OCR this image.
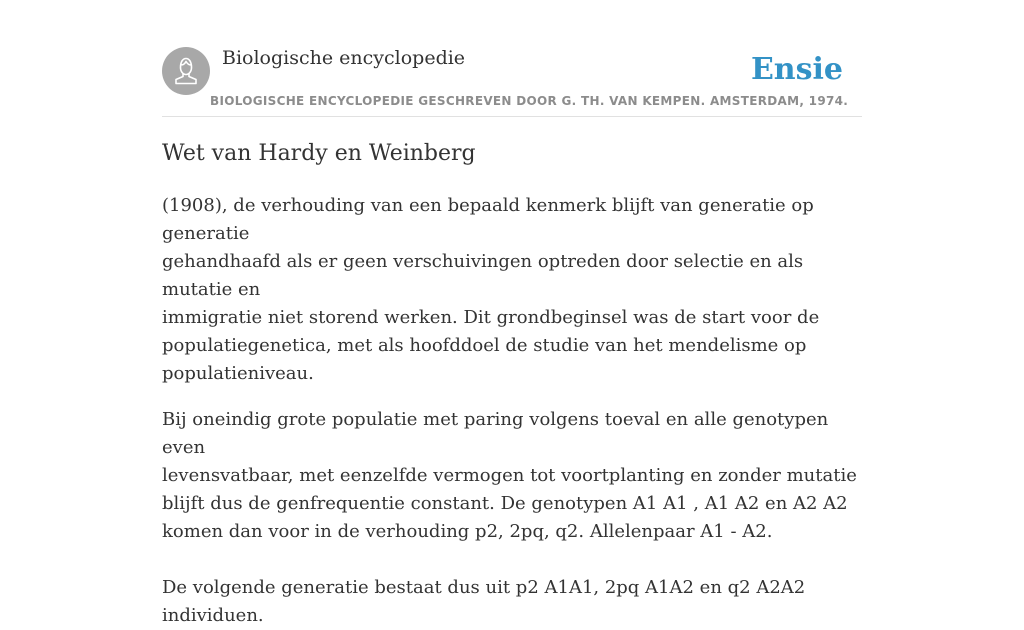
Biologische encyclopedie
BIOLOGISCHE ENCYCLOPEDIE GESCHREVEN DOOR G. TH. VAN KEMPEN. AMSTERDAM, 1974.
Ensie
Wet van Hardy en Weinberg

(1908), de verhouding van een bepaald kenmerk blijft van generatie op generatie
gehandhaafd als er geen verschuivingen optreden door selectie en als mutatie en
immigratie niet storend werken. Dit grondbeginsel was de start voor de
populatiegenetica, met als hoofddoel de studie van het mendelisme op
populatieniveau.

Bij oneindig grote populatie met paring volgens toeval en alle genotypen even
levensvatbaar, met eenzelfde vermogen tot voortplanting en zonder mutatie
blijft dus de genfrequentie constant. De genotypen A1 A1 , A1 A2 en A2 A2
komen dan voor in de verhouding p2, 2pq, q2. Allelenpaar A1 - A2.

De volgende generatie bestaat dus uit p2 A1A1, 2pq A1A2 en q2 A2A2 individuen.
